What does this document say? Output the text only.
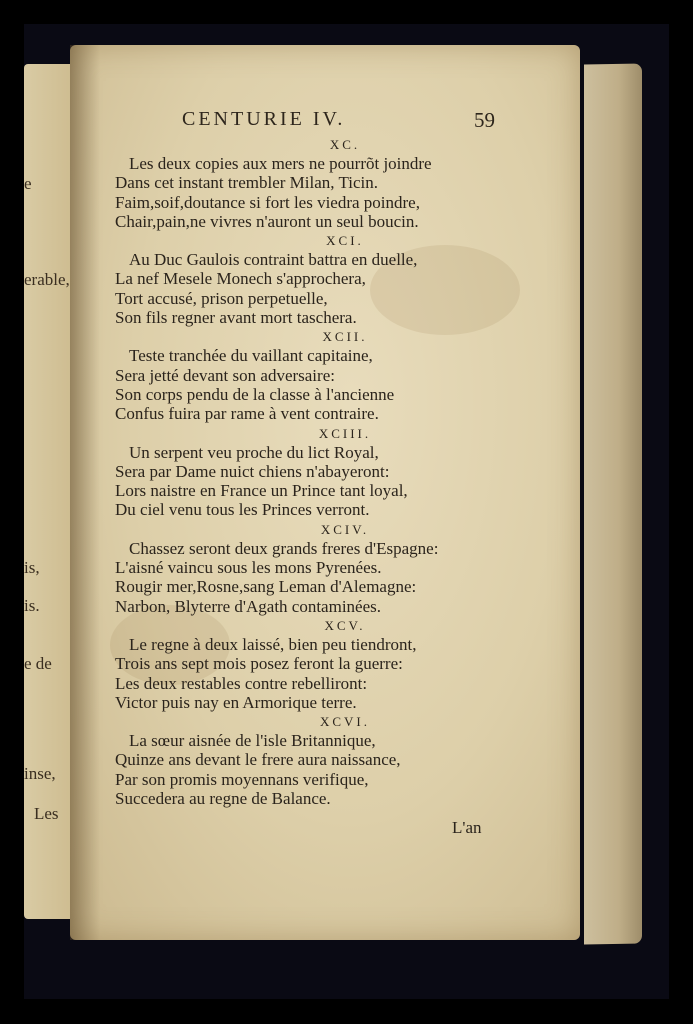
e
erable,
is,
is.
e de
inse,
Les
CENTURIE IV.	59
XC.
Les deux copies aux mers ne pourrõt joindre
Dans cet instant trembler Milan, Ticin.
Faim,soif,doutance si fort les viedra poindre,
Chair,pain,ne vivres n'auront un seul boucin.
XCI.
Au Duc Gaulois contraint battra en duelle,
La nef Mesele Monech s'approchera,
Tort accusé, prison perpetuelle,
Son fils regner avant mort taschera.
XCII.
Teste tranchée du vaillant capitaine,
Sera jetté devant son adversaire:
Son corps pendu de la classe à l'ancienne
Confus fuira par rame à vent contraire.
XCIII.
Un serpent veu proche du lict Royal,
Sera par Dame nuict chiens n'abayeront:
Lors naistre en France un Prince tant loyal,
Du ciel venu tous les Princes verront.
XCIV.
Chassez seront deux grands freres d'Espagne:
L'aisné vaincu sous les mons Pyrenées.
Rougir mer,Rosne,sang Leman d'Alemagne:
Narbon, Blyterre d'Agath contaminées.
XCV.
Le regne à deux laissé, bien peu tiendront,
Trois ans sept mois posez feront la guerre:
Les deux restables contre rebelliront:
Victor puis nay en Armorique terre.
XCVI.
La sœur aisnée de l'isle Britannique,
Quinze ans devant le frere aura naissance,
Par son promis moyennans verifique,
Succedera au regne de Balance.
L'an
